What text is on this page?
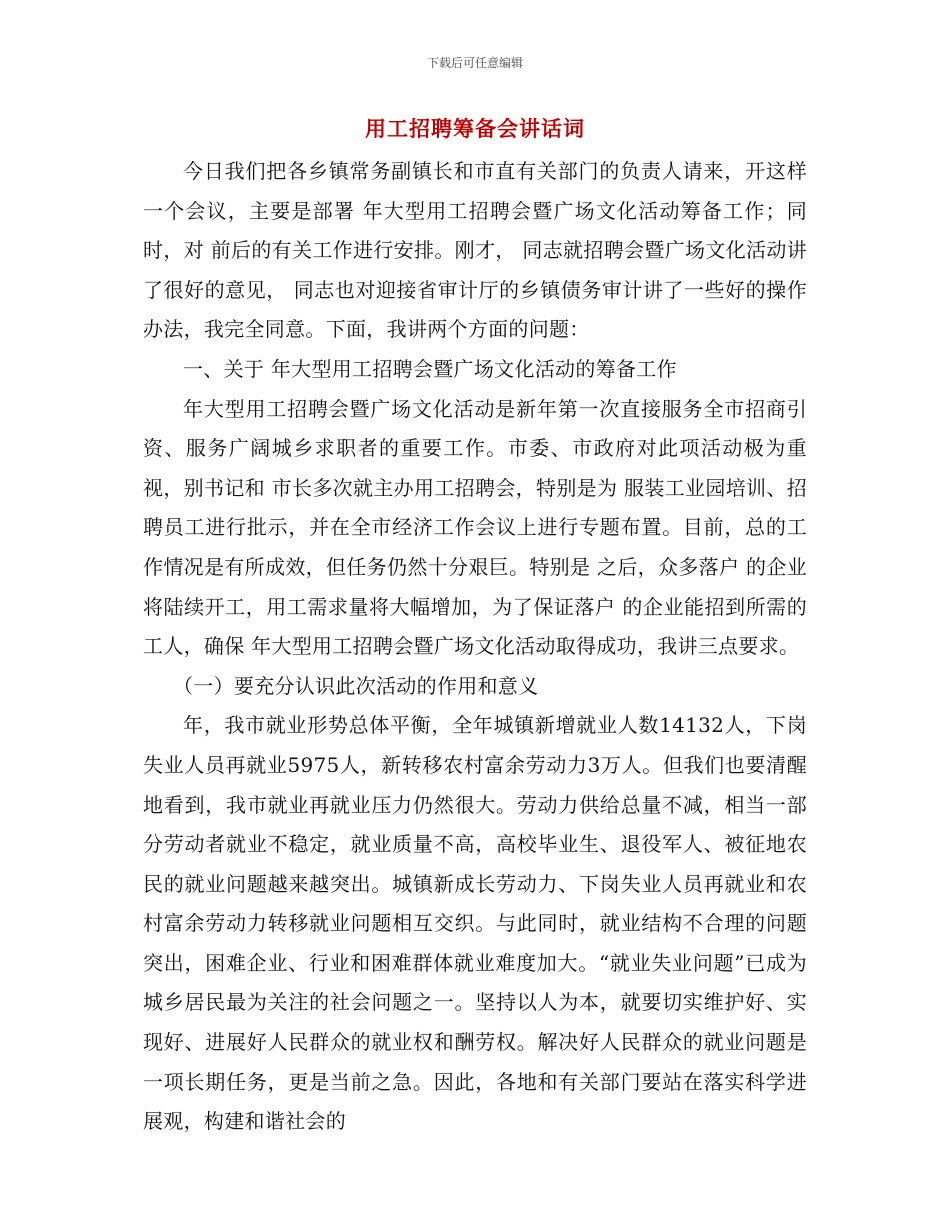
下载后可任意编辑
用工招聘筹备会讲话词

今日我们把各乡镇常务副镇长和市直有关部门的负责人请来，开这样一个会议，主要是部署 年大型用工招聘会暨广场文化活动筹备工作；同时，对 前后的有关工作进行安排。刚才， 同志就招聘会暨广场文化活动讲了很好的意见， 同志也对迎接省审计厅的乡镇债务审计讲了一些好的操作办法，我完全同意。下面，我讲两个方面的问题：

一、关于 年大型用工招聘会暨广场文化活动的筹备工作

年大型用工招聘会暨广场文化活动是新年第一次直接服务全市招商引资、服务广阔城乡求职者的重要工作。市委、市政府对此项活动极为重视，别书记和 市长多次就主办用工招聘会，特别是为 服装工业园培训、招聘员工进行批示，并在全市经济工作会议上进行专题布置。目前，总的工作情况是有所成效，但任务仍然十分艰巨。特别是 之后，众多落户 的企业将陆续开工，用工需求量将大幅增加，为了保证落户 的企业能招到所需的工人，确保 年大型用工招聘会暨广场文化活动取得成功，我讲三点要求。

（一）要充分认识此次活动的作用和意义

年，我市就业形势总体平衡，全年城镇新增就业人数14132人，下岗失业人员再就业5975人，新转移农村富余劳动力3万人。但我们也要清醒地看到，我市就业再就业压力仍然很大。劳动力供给总量不减，相当一部分劳动者就业不稳定，就业质量不高，高校毕业生、退役军人、被征地农民的就业问题越来越突出。城镇新成长劳动力、下岗失业人员再就业和农村富余劳动力转移就业问题相互交织。与此同时，就业结构不合理的问题突出，困难企业、行业和困难群体就业难度加大。“就业失业问题”已成为城乡居民最为关注的社会问题之一。坚持以人为本，就要切实维护好、实现好、进展好人民群众的就业权和酬劳权。解决好人民群众的就业问题是一项长期任务，更是当前之急。因此，各地和有关部门要站在落实科学进展观，构建和谐社会的
